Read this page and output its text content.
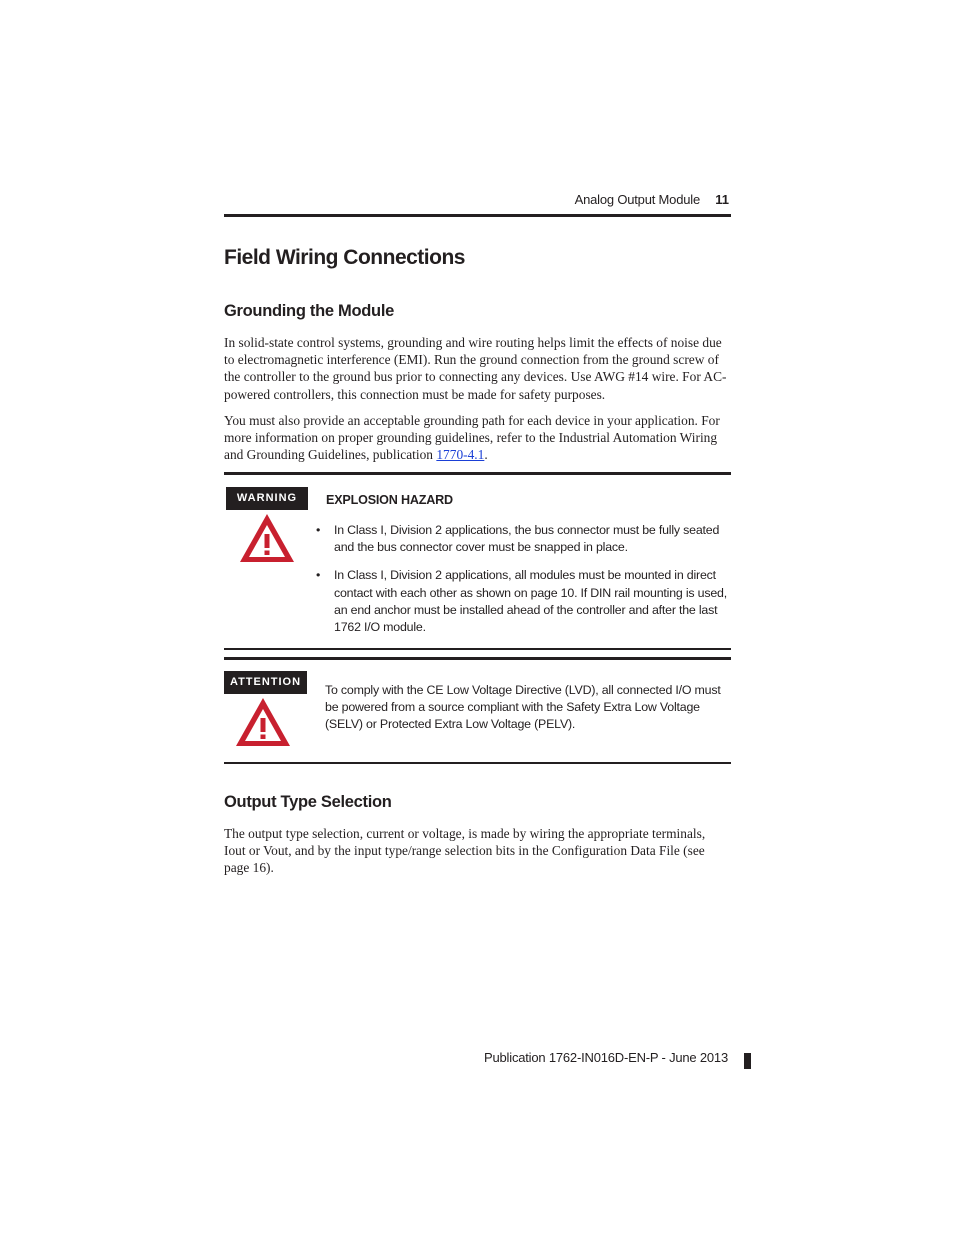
Analog Output Module	11
Field Wiring Connections
Grounding the Module

In solid-state control systems, grounding and wire routing helps limit the effects of noise due to electromagnetic interference (EMI). Run the ground connection from the ground screw of the controller to the ground bus prior to connecting any devices. Use AWG #14 wire. For AC-powered controllers, this connection must be made for safety purposes.

You must also provide an acceptable grounding path for each device in your application. For more information on proper grounding guidelines, refer to the Industrial Automation Wiring and Grounding Guidelines, publication 1770-4.1.

WARNING	EXPLOSION HAZARD
• In Class I, Division 2 applications, the bus connector must be fully seated and the bus connector cover must be snapped in place.
• In Class I, Division 2 applications, all modules must be mounted in direct contact with each other as shown on page 10. If DIN rail mounting is used, an end anchor must be installed ahead of the controller and after the last 1762 I/O module.
ATTENTION
To comply with the CE Low Voltage Directive (LVD), all connected I/O must be powered from a source compliant with the Safety Extra Low Voltage (SELV) or Protected Extra Low Voltage (PELV).
Output Type Selection

The output type selection, current or voltage, is made by wiring the appropriate terminals, Iout or Vout, and by the input type/range selection bits in the Configuration Data File (see page 16).

Publication 1762-IN016D-EN-P - June 2013
